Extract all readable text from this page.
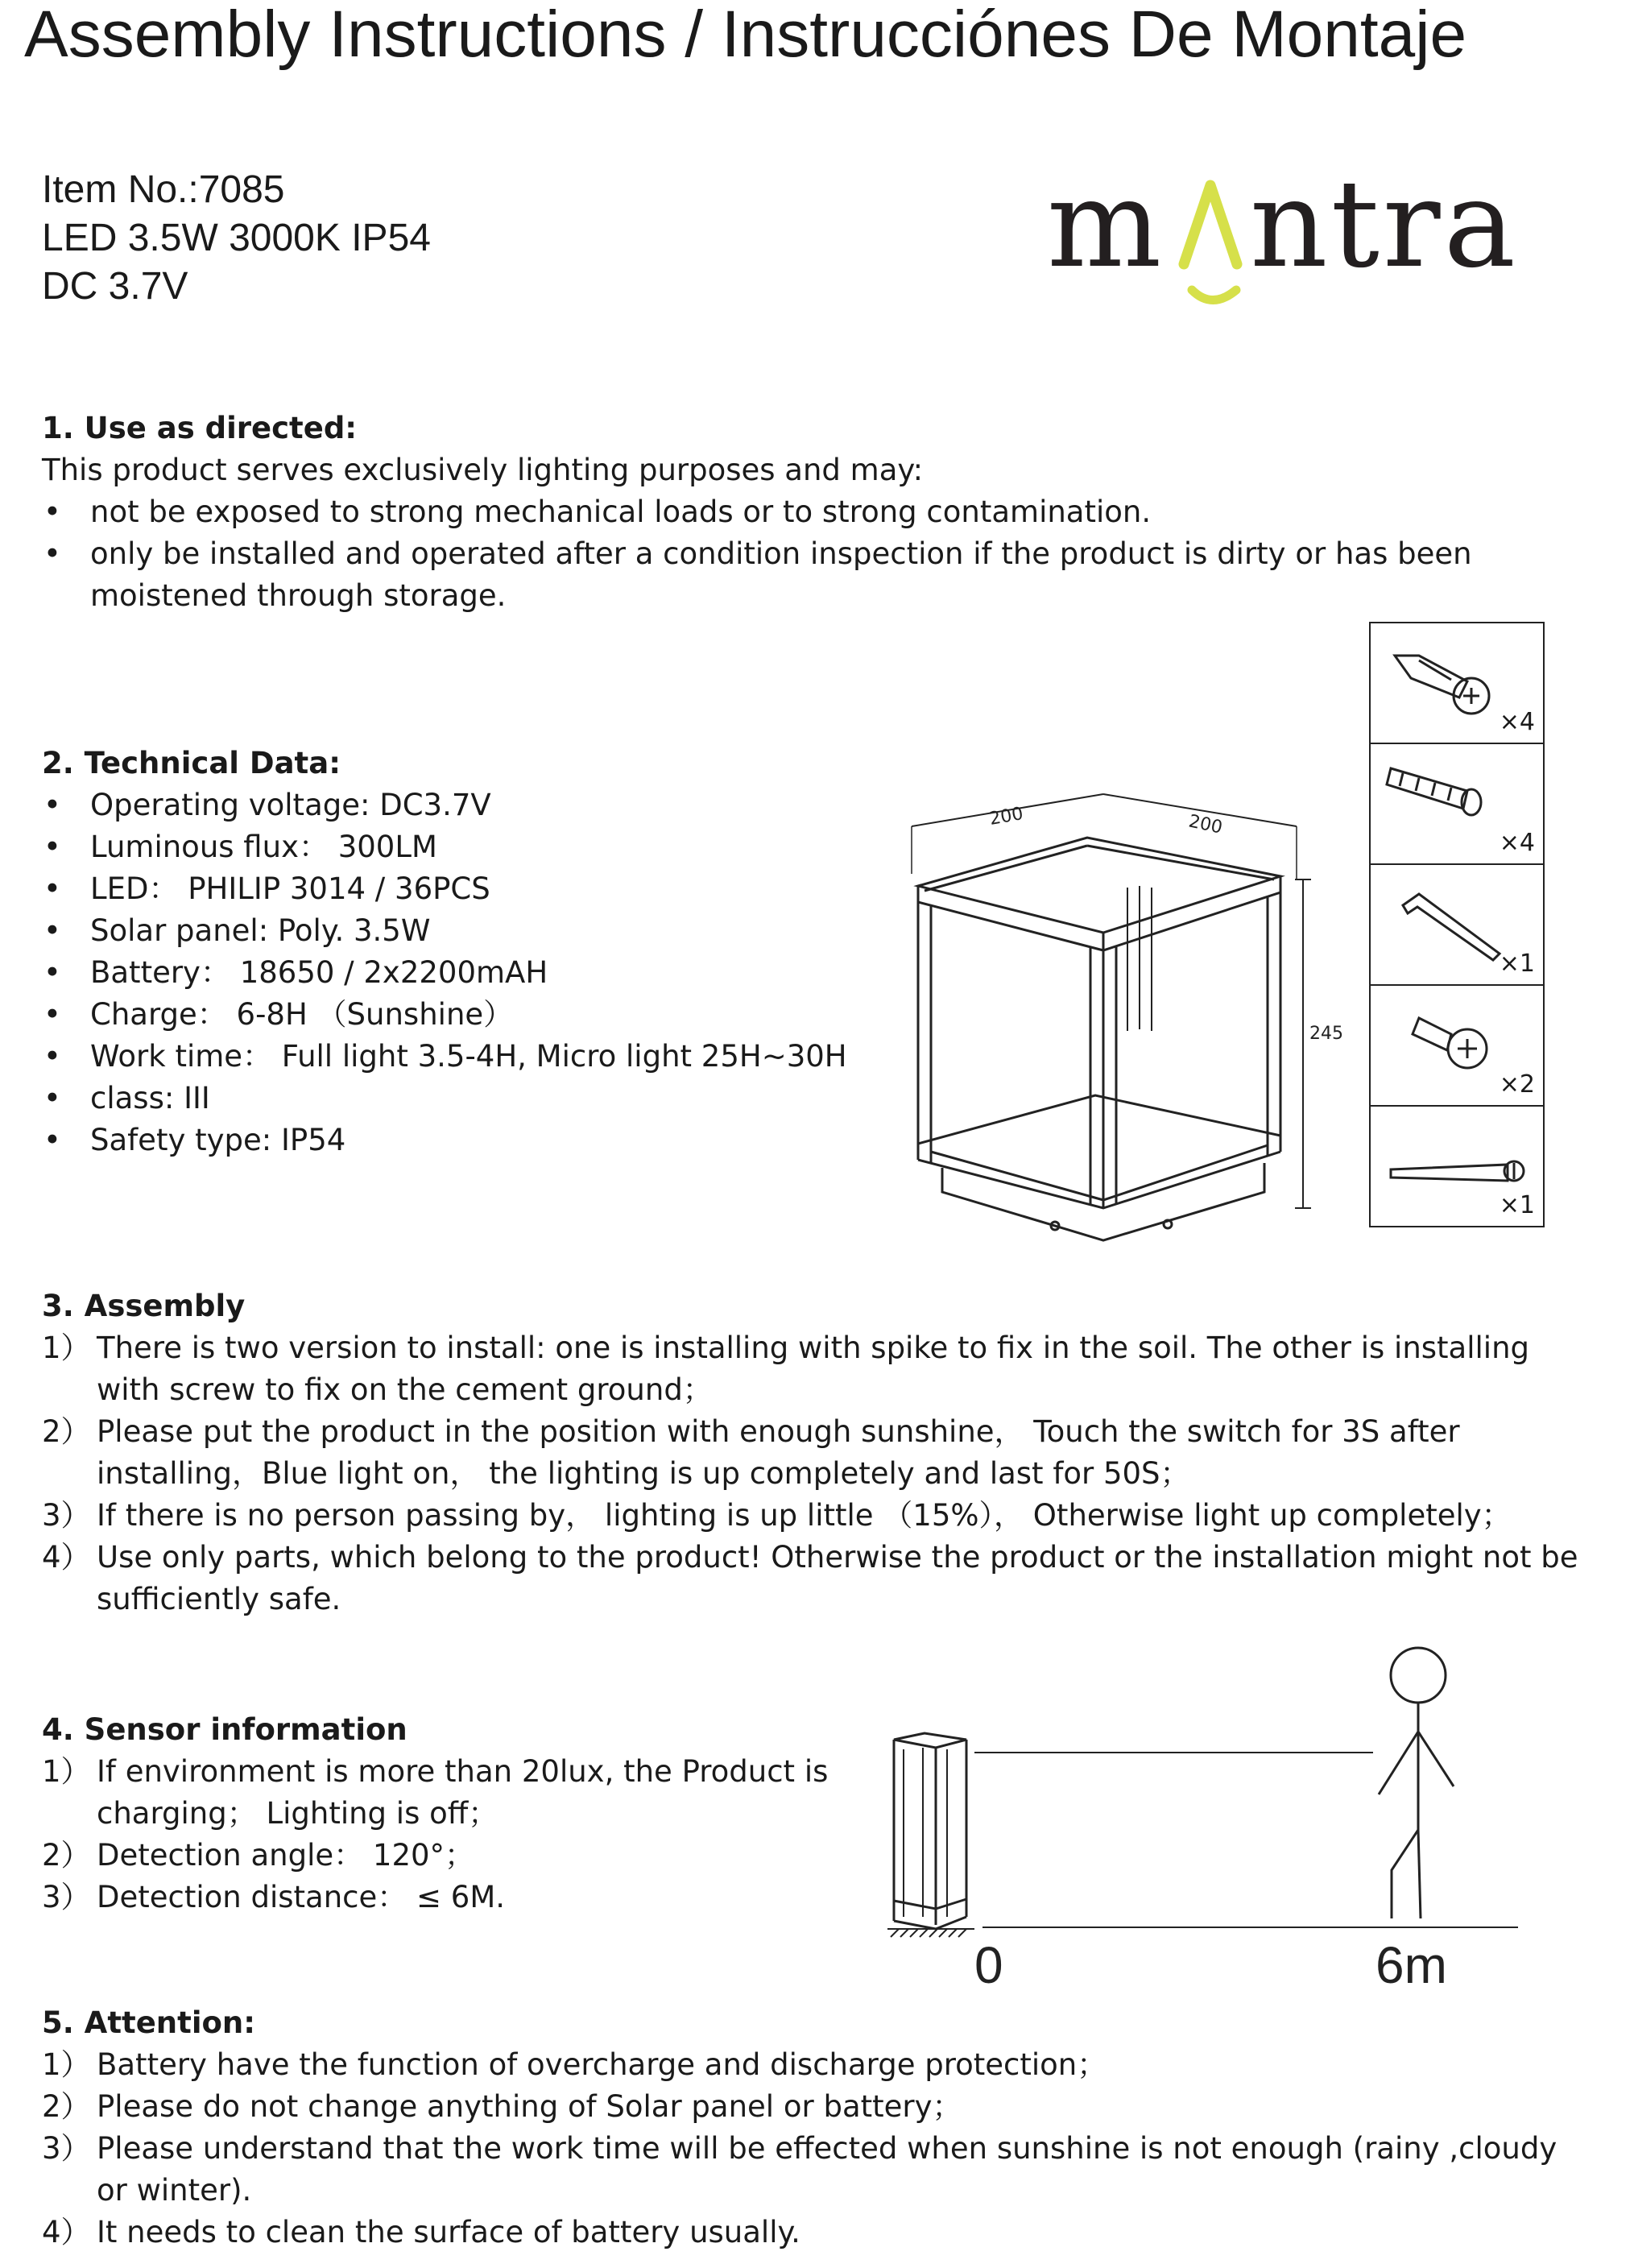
Assembly Instructions / Instrucciónes De Montaje
Item No.:7085
LED 3.5W 3000K IP54
DC 3.7V	m ntra
1. Use as directed:
This product serves exclusively lighting purposes and may:
• not be exposed to strong mechanical loads or to strong contamination.
• only be installed and operated after a condition inspection if the product is dirty or has been moistened through storage.
2. Technical Data:
• Operating voltage: DC3.7V
• Luminous flux： 300LM
• LED： PHILIP 3014 / 36PCS
• Solar panel: Poly. 3.5W
• Battery： 18650 / 2x2200mAH
• Charge： 6-8H （Sunshine）
• Work time： Full light 3.5-4H, Micro light 25H~30H
• class: III
• Safety type: IP54
200	200
245
×4
×4
×1
×2
×1
3. Assembly
1） There is two version to install: one is installing with spike to fix in the soil. The other is installing with screw to fix on the cement ground；
2） Please put the product in the position with enough sunshine， Touch the switch for 3S after installing，Blue light on， the lighting is up completely and last for 50S；
3） If there is no person passing by， lighting is up little （15%）， Otherwise light up completely；
4） Use only parts, which belong to the product! Otherwise the product or the installation might not be sufficiently safe.
4. Sensor information
1） If environment is more than 20lux, the Product is charging； Lighting is off；
2） Detection angle： 120°；
3） Detection distance： ≤ 6M.
0	6m
5. Attention:
1） Battery have the function of overcharge and discharge protection；
2） Please do not change anything of Solar panel or battery；
3） Please understand that the work time will be effected when sunshine is not enough (rainy ,cloudy or winter).
4） It needs to clean the surface of battery usually.
